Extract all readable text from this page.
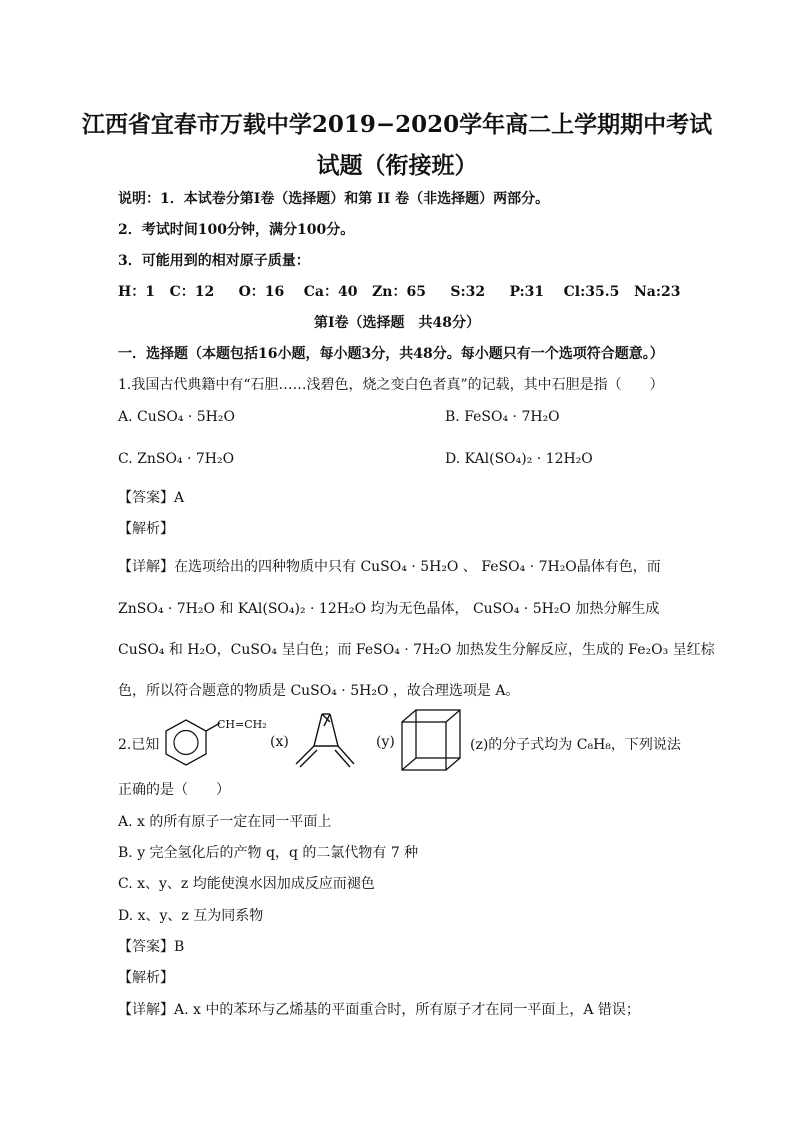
江西省宜春市万载中学2019−2020学年高二上学期期中考试
试题（衔接班）
说明：1．本试卷分第Ⅰ卷（选择题）和第 II 卷（非选择题）两部分。
2．考试时间100分钟，满分100分。
3．可能用到的相对原子质量：
H：1   C：12     O：16    Ca：40   Zn：65     S:32     P:31    Cl:35.5   Na:23
第Ⅰ卷（选择题　共48分）
一．选择题（本题包括16小题，每小题3分，共48分。每小题只有一个选项符合题意。）
1.我国古代典籍中有“石胆……浅碧色，烧之变白色者真”的记载，其中石胆是指（　　）
A. CuSO₄ · 5H₂O	B. FeSO₄ · 7H₂O
C. ZnSO₄ · 7H₂O	D. KAl(SO₄)₂ · 12H₂O
【答案】A
【解析】
【详解】在选项给出的四种物质中只有 CuSO₄ · 5H₂O 、 FeSO₄ · 7H₂O晶体有色，而
ZnSO₄ · 7H₂O 和 KAl(SO₄)₂ · 12H₂O 均为无色晶体， CuSO₄ · 5H₂O 加热分解生成
CuSO₄ 和 H₂O，CuSO₄ 呈白色；而 FeSO₄ · 7H₂O 加热发生分解反应，生成的 Fe₂O₃ 呈红棕
色，所以符合题意的物质是 CuSO₄ · 5H₂O ，故合理选项是 A。
2.已知
CH=CH₂
(x)	(y)	(z)的分子式均为 C₈H₈，下列说法
正确的是（　　）
A. x 的所有原子一定在同一平面上
B. y 完全氢化后的产物 q，q 的二氯代物有 7 种
C. x、y、z 均能使溴水因加成反应而褪色
D. x、y、z 互为同系物
【答案】B
【解析】
【详解】A. x 中的苯环与乙烯基的平面重合时，所有原子才在同一平面上，A 错误；
